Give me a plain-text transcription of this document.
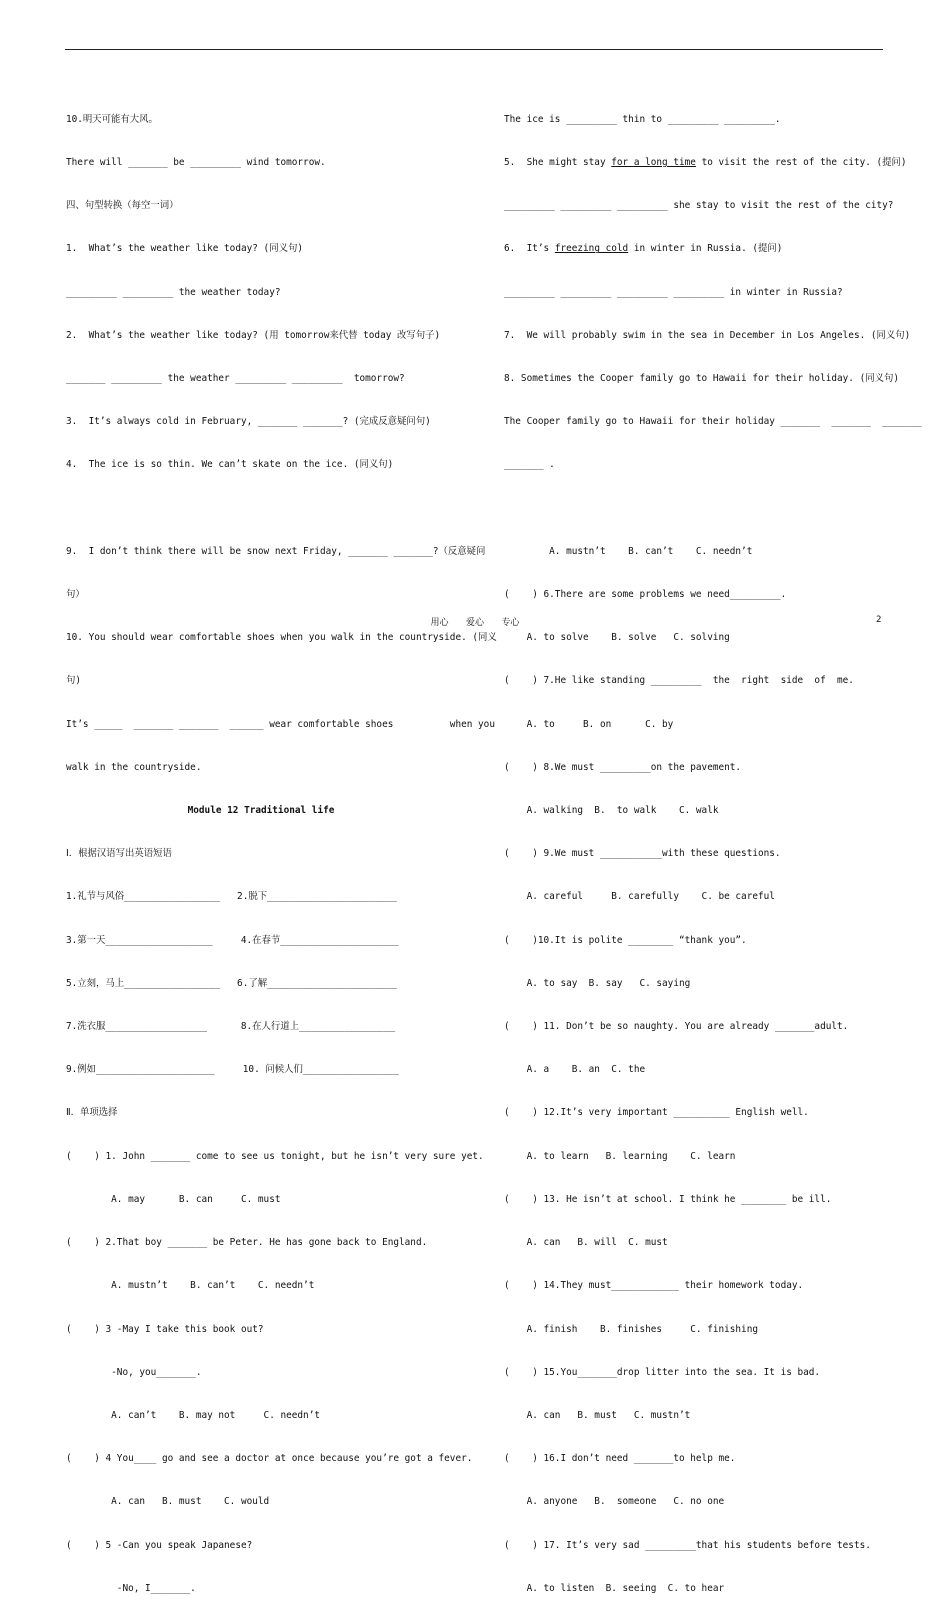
10.明天可能有大风。

There will _______ be _________ wind tomorrow.

四、句型转换（每空一词）

1.  What’s the weather like today? (同义句)

_________ _________ the weather today?

2.  What’s the weather like today? (用 tomorrow来代替 today 改写句子)

_______ _________ the weather _________ _________  tomorrow?

3.  It’s always cold in February, _______ _______? (完成反意疑问句)

4.  The ice is so thin. We can’t skate on the ice. (同义句)

9.  I don’t think there will be snow next Friday, _______ _______?（反意疑问

句）

10. You should wear comfortable shoes when you walk in the countryside. (同义

句)

It’s _____  _______ _______  ______ wear comfortable shoes          when you

walk in the countryside.

Module 12 Traditional life

Ⅰ．根据汉语写出英语短语

1.礼节与风俗_________________   2.脱下_______________________

3.第一天___________________     4.在春节_____________________

5.立刻，马上_________________   6.了解_______________________

7.洗衣服__________________      8.在人行道上_________________

9.例如_____________________     10. 问候人们_________________

Ⅱ．单项选择

(    ) 1. John _______ come to see us tonight, but he isn’t very sure yet.

A. may      B. can     C. must

(    ) 2.That boy _______ be Peter. He has gone back to England.

A. mustn’t    B. can’t    C. needn’t

(    ) 3 -May I take this book out?

-No, you_______.

A. can’t    B. may not     C. needn’t

(    ) 4 You____ go and see a doctor at once because you’re got a fever.

A. can   B. must    C. would

(    ) 5 -Can you speak Japanese?

-No, I_______.

The ice is _________ thin to _________ _________.

5.  She might stay for a long time to visit the rest of the city. (提问)

_________ _________ _________ she stay to visit the rest of the city?

6.  It’s freezing cold in winter in Russia. (提问)

_________ _________ _________ _________ in winter in Russia?

7.  We will probably swim in the sea in December in Los Angeles. (同义句)

8. Sometimes the Cooper family go to Hawaii for their holiday. (同义句)

The Cooper family go to Hawaii for their holiday _______  _______  _______

_______ .

A. mustn’t    B. can’t    C. needn’t

(    ) 6.There are some problems we need_________.

A. to solve    B. solve   C. solving

(    ) 7.He like standing _________  the  right  side  of  me.

A. to     B. on      C. by

(    ) 8.We must _________on the pavement.

A. walking  B.  to walk    C. walk

(    ) 9.We must ___________with these questions.

A. careful     B. carefully    C. be careful

(    )10.It is polite ________ “thank you”.

A. to say  B. say   C. saying

(    ) 11. Don’t be so naughty. You are already _______adult.

A. a    B. an  C. the

(    ) 12.It’s very important __________ English well.

A. to learn   B. learning    C. learn

(    ) 13. He isn’t at school. I think he ________ be ill.

A. can   B. will  C. must

(    ) 14.They must____________ their homework today.

A. finish    B. finishes     C. finishing

(    ) 15.You_______drop litter into the sea. It is bad.

A. can   B. must   C. mustn’t

(    ) 16.I don’t need _______to help me.

A. anyone   B.  someone   C. no one

(    ) 17. It’s very sad _________that his students before tests.

A. to listen  B. seeing  C. to hear

用心 爱心 专心	2
